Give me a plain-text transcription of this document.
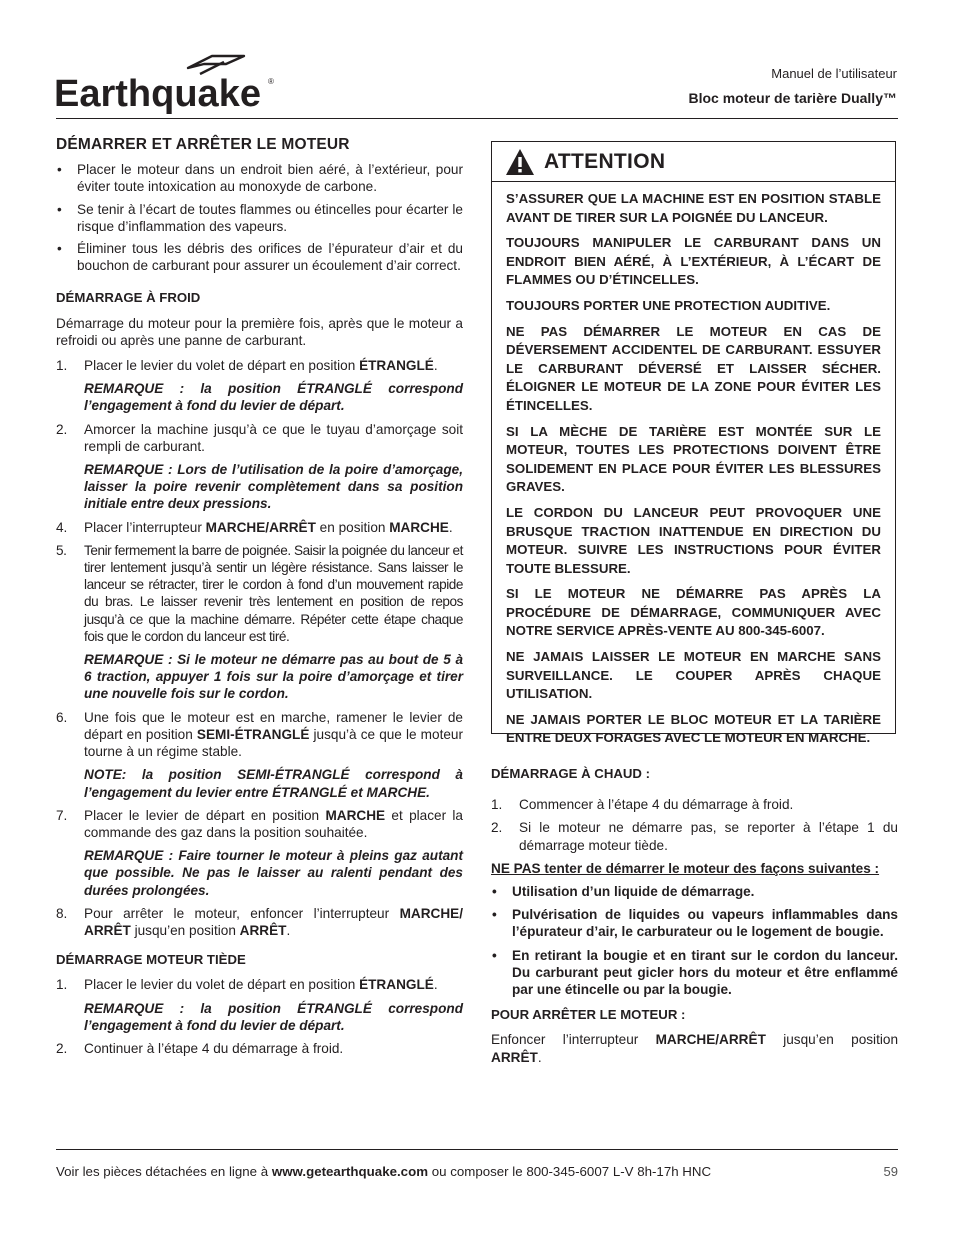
Earthquake ®
Manuel de l’utilisateur
Bloc moteur de tarière Dually™
DÉMARRER ET ARRÊTER LE MOTEUR
• Placer le moteur dans un endroit bien aéré, à l’extérieur, pour éviter toute intoxication au monoxyde de carbone.
• Se tenir à l’écart de toutes flammes ou étincelles pour écarter le risque d’inflammation des vapeurs.
• Éliminer tous les débris des orifices de l’épurateur d’air et du bouchon de carburant pour assurer un écoulement d’air correct.
DÉMARRAGE À FROID

Démarrage du moteur pour la première fois, après que le moteur a refroidi ou après une panne de carburant.

1. Placer le levier du volet de départ en position ÉTRANGLÉ.

REMARQUE : la position ÉTRANGLÉ correspond l’engagement à fond du levier de départ.

2. Amorcer la machine jusqu’à ce que le tuyau d’amorçage soit rempli de carburant.

REMARQUE : Lors de l’utilisation de la poire d’amorçage, laisser la poire revenir complètement dans sa position initiale entre deux pressions.

4. Placer l’interrupteur MARCHE/ARRÊT en position MARCHE.
5. Tenir fermement la barre de poignée. Saisir la poignée du lanceur et tirer lentement jusqu’à sentir un légère résistance. Sans laisser le lanceur se rétracter, tirer le cordon à fond d’un mouvement rapide du bras. Le laisser revenir très lentement en position de repos jusqu’à ce que la machine démarre. Répéter cette étape chaque fois que le cordon du lanceur est tiré.

REMARQUE : Si le moteur ne démarre pas au bout de 5 à 6 traction, appuyer 1 fois sur la poire d’amorçage et tirer une nouvelle fois sur le cordon.

6. Une fois que le moteur est en marche, ramener le levier de départ en position SEMI-ÉTRANGLÉ jusqu’à ce que le moteur tourne à un régime stable.

NOTE: la position SEMI-ÉTRANGLÉ correspond à l’engagement du levier entre ÉTRANGLÉ et MARCHE.

7. Placer le levier de départ en position MARCHE et placer la commande des gaz dans la position souhaitée.

REMARQUE : Faire tourner le moteur à pleins gaz autant que possible. Ne pas le laisser au ralenti pendant des durées prolongées.

8. Pour arrêter le moteur, enfoncer l’interrupteur MARCHE/ ARRÊT jusqu’en position ARRÊT.
DÉMARRAGE MOTEUR TIÈDE
1. Placer le levier du volet de départ en position ÉTRANGLÉ.

REMARQUE : la position ÉTRANGLÉ correspond l’engagement à fond du levier de départ.

2. Continuer à l’étape 4 du démarrage à froid.
ATTENTION

S’ASSURER QUE LA MACHINE EST EN POSITION STABLE AVANT DE TIRER SUR LA POIGNÉE DU LANCEUR.

TOUJOURS MANIPULER LE CARBURANT DANS UN ENDROIT BIEN AÉRÉ, À L’EXTÉRIEUR, À L’ÉCART DE FLAMMES OU D’ÉTINCELLES.

TOUJOURS PORTER UNE PROTECTION AUDITIVE.

NE PAS DÉMARRER LE MOTEUR EN CAS DE DÉVERSEMENT ACCIDENTEL DE CARBURANT. ESSUYER LE CARBURANT DÉVERSÉ ET LAISSER SÉCHER. ÉLOIGNER LE MOTEUR DE LA ZONE POUR ÉVITER LES ÉTINCELLES.

SI LA MÈCHE DE TARIÈRE EST MONTÉE SUR LE MOTEUR, TOUTES LES PROTECTIONS DOIVENT ÊTRE SOLIDEMENT EN PLACE POUR ÉVITER LES BLESSURES GRAVES.

LE CORDON DU LANCEUR PEUT PROVOQUER UNE BRUSQUE TRACTION INATTENDUE EN DIRECTION DU MOTEUR. SUIVRE LES INSTRUCTIONS POUR ÉVITER TOUTE BLESSURE.

SI LE MOTEUR NE DÉMARRE PAS APRÈS LA PROCÉDURE DE DÉMARRAGE, COMMUNIQUER AVEC NOTRE SERVICE APRÈS-VENTE AU 800-345-6007.

NE JAMAIS LAISSER LE MOTEUR EN MARCHE SANS SURVEILLANCE. LE COUPER APRÈS CHAQUE UTILISATION.

NE JAMAIS PORTER LE BLOC MOTEUR ET LA TARIÈRE ENTRE DEUX FORAGES AVEC LE MOTEUR EN MARCHE.

DÉMARRAGE À CHAUD :
1. Commencer à l’étape 4 du démarrage à froid.
2. Si le moteur ne démarre pas, se reporter à l’étape 1 du démarrage moteur tiède.

NE PAS tenter de démarrer le moteur des façons suivantes :

• Utilisation d’un liquide de démarrage.
• Pulvérisation de liquides ou vapeurs inflammables dans l’épurateur d’air, le carburateur ou le logement de bougie.
• En retirant la bougie et en tirant sur le cordon du lanceur. Du carburant peut gicler hors du moteur et être enflammé par une étincelle ou par la bougie.
POUR ARRÊTER LE MOTEUR :

Enfoncer l’interrupteur MARCHE/ARRÊT jusqu’en position ARRÊT.

Voir les pièces détachées en ligne à www.getearthquake.com ou composer le 800-345-6007 L-V 8h-17h HNC	59
